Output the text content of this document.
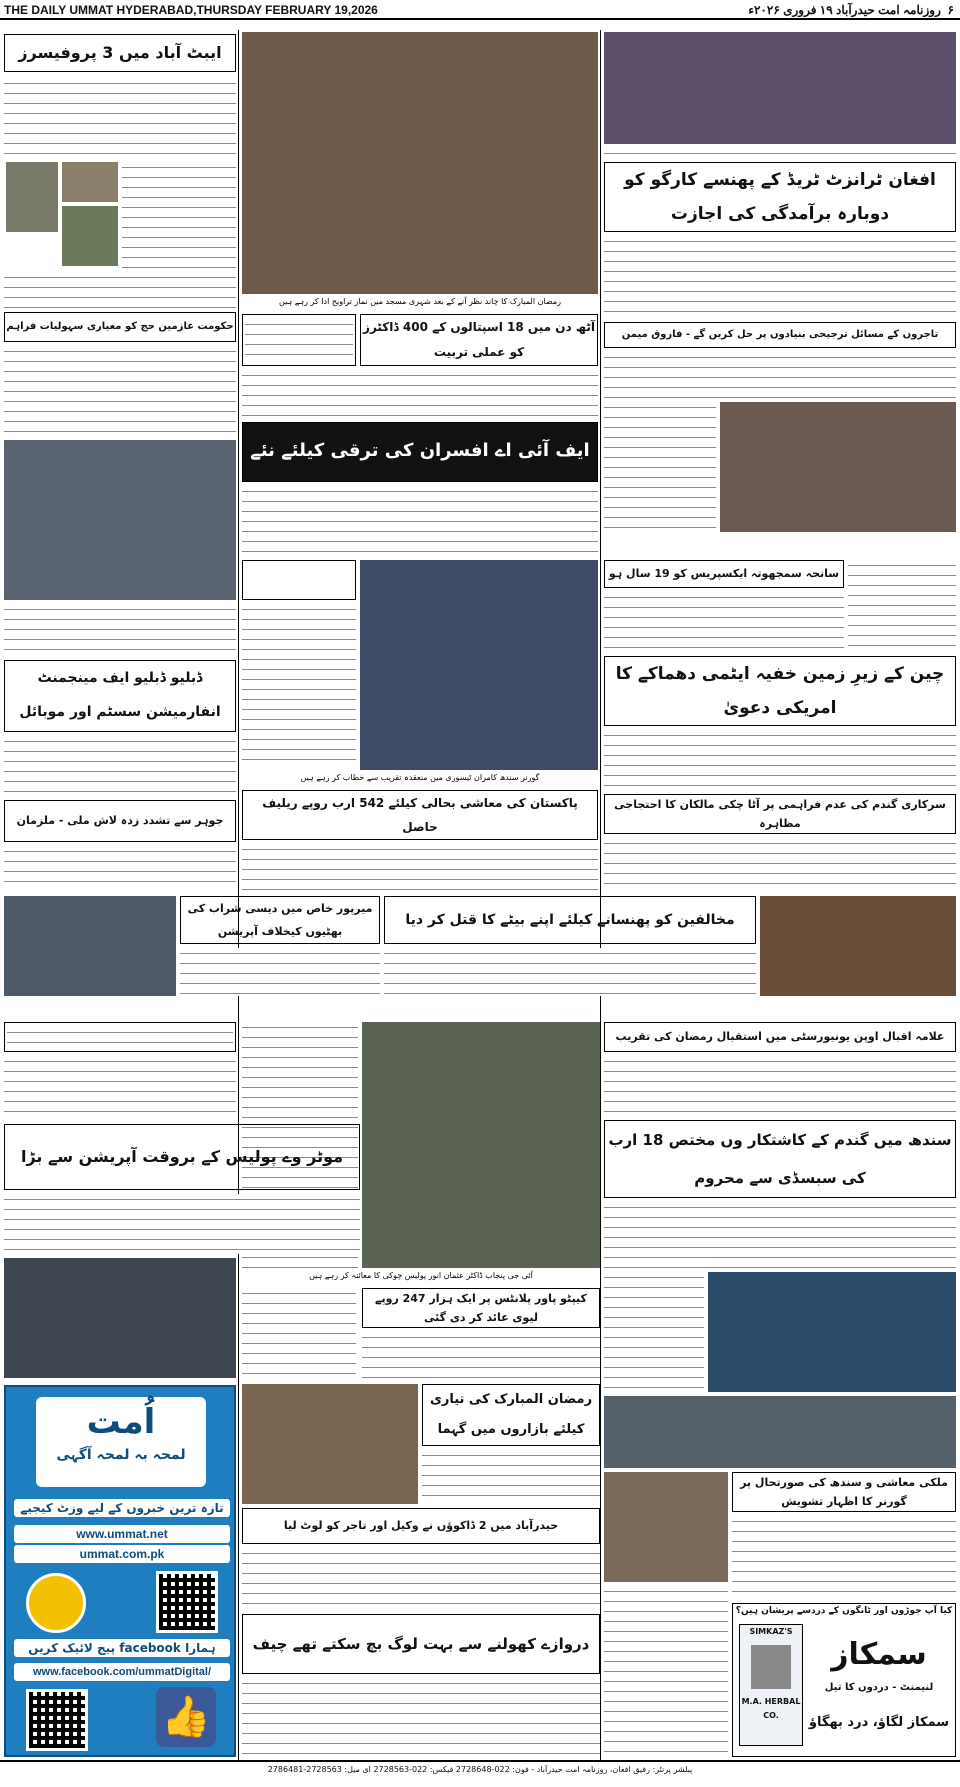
THE DAILY UMMAT HYDERABAD,THURSDAY FEBRUARY 19,2026	۶  روزنامہ امت حیدرآباد ۱۹ فروری ۲۰۲۶ء
ایبٹ آباد میں 3 پروفیسرز
حکومت عازمین حج کو معیاری سہولیات فراہم
رمضان المبارک کا چاند نظر آنے کے بعد شہری مسجد میں نماز تراویح ادا کر رہے ہیں
آٹھ دن میں 18 اسپتالوں کے 400 ڈاکٹرز کو عملی تربیت
ایف آئی اے افسران کی ترقی کیلئے نئے
گورنر سندھ کامران ٹیسوری میں منعقدہ تقریب سے خطاب کر رہے ہیں
ڈبلیو ڈبلیو ایف مینجمنٹ انفارمیشن سسٹم اور موبائل
جوہر سے تشدد زدہ لاش ملی - ملزمان
پاکستان کی معاشی بحالی کیلئے 542 ارب روپے ریلیف حاصل
افغان ٹرانزٹ ٹریڈ کے پھنسے کارگو کو دوبارہ برآمدگی کی اجازت
تاجروں کے مسائل ترجیحی بنیادوں پر حل کریں گے - فاروق میمن
سانحہ سمجھوتہ ایکسپریس کو 19 سال ہو
چین کے زیرِ زمین خفیہ ایٹمی دھماکے کا امریکی دعویٰ
سرکاری گندم کی عدم فراہمی پر آٹا چکی مالکان کا احتجاجی مظاہرہ
میرپور خاص میں دیسی شراب کی بھٹیوں کیخلاف آپریشن
مخالفین کو پھنسانے کیلئے اپنے بیٹے کا قتل کر دیا
آئی جی پنجاب ڈاکٹر عثمان انور پولیس چوکی کا معائنہ کر رہے ہیں
علامہ اقبال اوپن یونیورسٹی میں استقبال رمضان کی تقریب
موٹر وے پولیس کے بروقت آپریشن سے بڑا
سندھ میں گندم کے کاشتکار وں مختص 18 ارب کی سبسڈی سے محروم
کیپٹو پاور پلانٹس پر ایک ہزار 247 روپے لیوی عائد کر دی گئی
رمضان المبارک کی تیاری کیلئے بازاروں میں گہما
حیدرآباد میں 2 ڈاکوؤں نے وکیل اور تاجر کو لوٹ لیا
دروازے کھولنے سے بہت لوگ بچ سکتے تھے چیف
ملکی معاشی و سندھ کی صورتحال پر گورنر کا اظہار تشویش
کیا آپ جوڑوں اور ٹانگوں کے دردسے پریشان ہیں؟
SIMKAZ'S
M.A. HERBAL CO.
سمکاز
لنیمنٹ - دردوں کا تیل
سمکاز لگاؤ، درد بھگاؤ
اُمت
لمحہ بہ لمحہ آگہی
تازہ ترین خبروں کے لیے وزٹ کیجیے
www.ummat.net
ummat.com.pk
ہمارا facebook پیج لائیک کریں
www.facebook.com/ummatDigital/
👍
پبلشر پرنٹر: رفیق افغان، روزنامہ امت حیدرآباد - فون: 022-2728648 فیکس: 022-2728563 ای میل: 2728563-2786481
